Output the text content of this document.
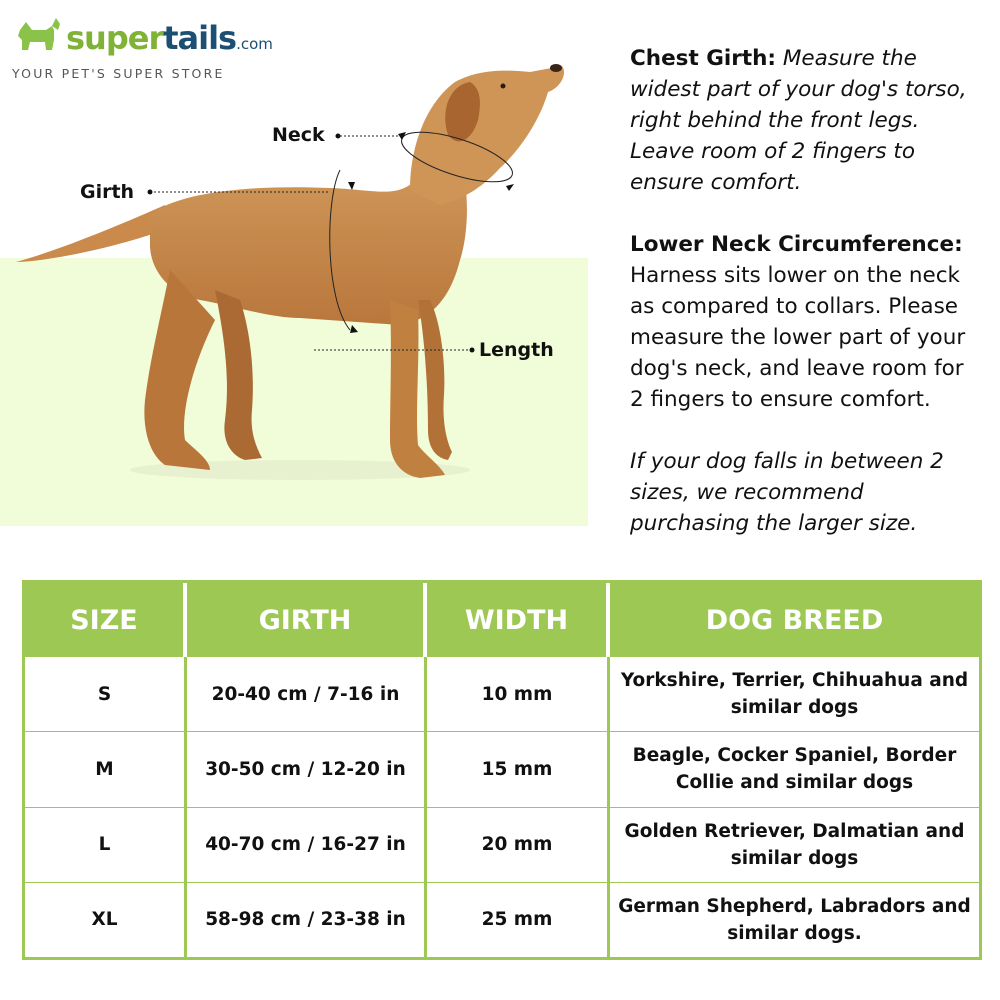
supertails.com
YOUR PET'S SUPER STORE
Neck
Girth
Length

Chest Girth: Measure the widest part of your dog's torso, right behind the front legs. Leave room of 2 fingers to ensure comfort.

Lower Neck Circumference: Harness sits lower on the neck as compared to collars. Please measure the lower part of your dog's neck, and leave room for 2 fingers to ensure comfort.

If your dog falls in between 2 sizes, we recommend purchasing the larger size.

SIZE	GIRTH	WIDTH	DOG BREED
S	20-40 cm / 7-16 in	10 mm	Yorkshire, Terrier, Chihuahua and similar dogs
M	30-50 cm / 12-20 in	15 mm	Beagle, Cocker Spaniel, Border Collie and similar dogs
L	40-70 cm / 16-27 in	20 mm	Golden Retriever, Dalmatian and similar dogs
XL	58-98 cm / 23-38 in	25 mm	German Shepherd, Labradors and similar dogs.
